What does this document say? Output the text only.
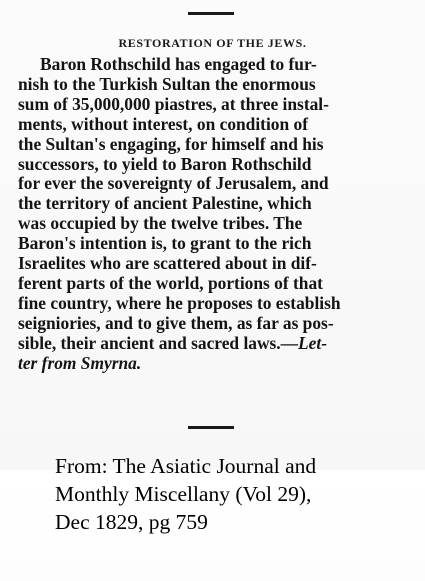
RESTORATION OF THE JEWS.
Baron Rothschild has engaged to fur-
nish to the Turkish Sultan the enormous
sum of 35,000,000 piastres, at three instal-
ments, without interest, on condition of
the Sultan's engaging, for himself and his
successors, to yield to Baron Rothschild
for ever the sovereignty of Jerusalem, and
the territory of ancient Palestine, which
was occupied by the twelve tribes. The
Baron's intention is, to grant to the rich
Israelites who are scattered about in dif-
ferent parts of the world, portions of that
fine country, where he proposes to establish
seigniories, and to give them, as far as pos-
sible, their ancient and sacred laws.—Let-
ter from Smyrna.
From: The Asiatic Journal and
Monthly Miscellany (Vol 29),
Dec 1829, pg 759
